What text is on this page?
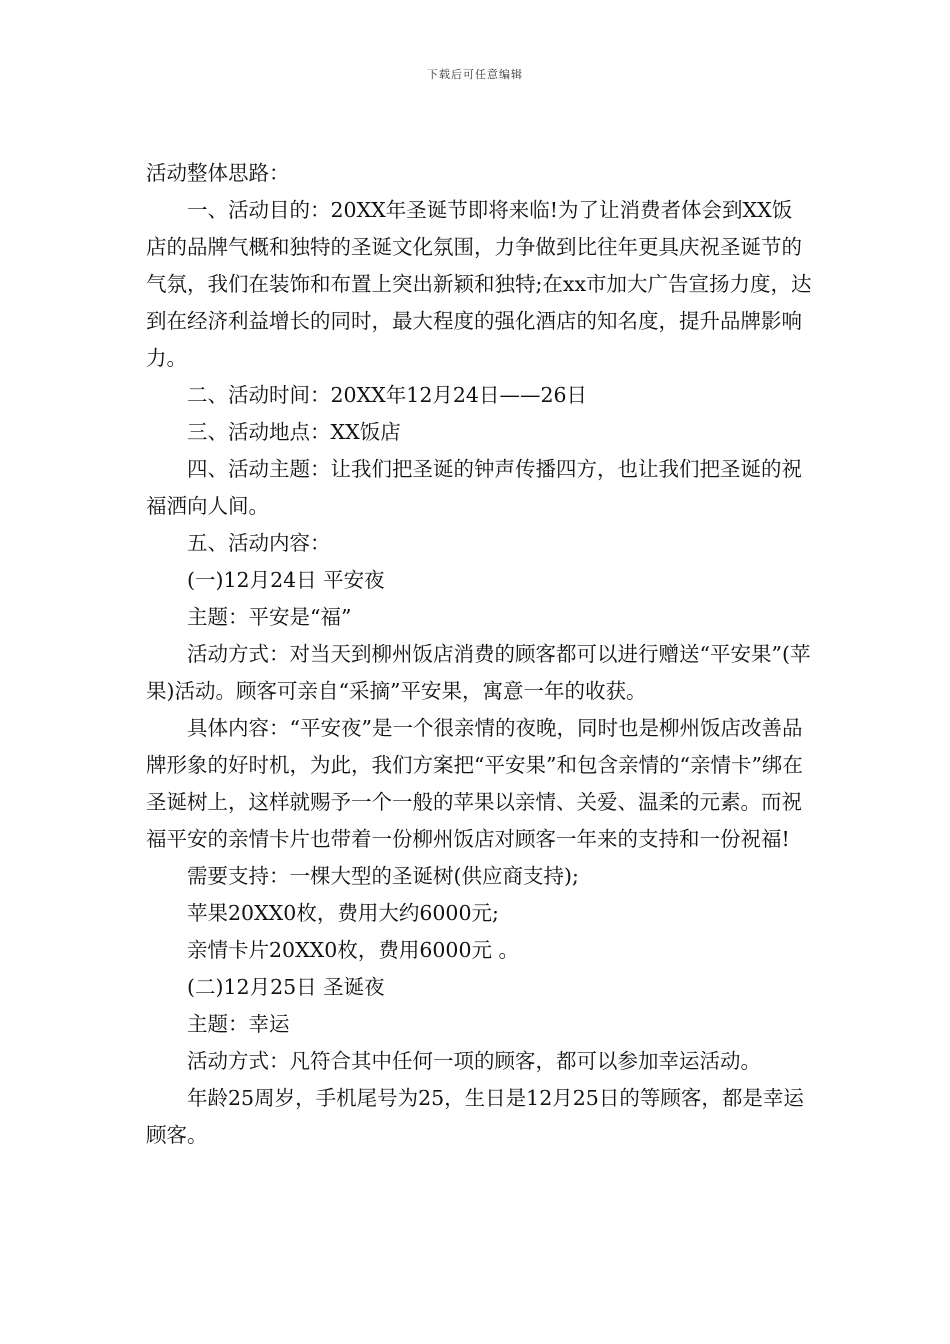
下载后可任意编辑

活动整体思路：

一、活动目的：20XX年圣诞节即将来临!为了让消费者体会到XX饭店的品牌气概和独特的圣诞文化氛围，力争做到比往年更具庆祝圣诞节的气氛，我们在装饰和布置上突出新颖和独特;在xx市加大广告宣扬力度，达到在经济利益增长的同时，最大程度的强化酒店的知名度，提升品牌影响力。

二、活动时间：20XX年12月24日——26日

三、活动地点：XX饭店

四、活动主题：让我们把圣诞的钟声传播四方，也让我们把圣诞的祝福洒向人间。

五、活动内容：

(一)12月24日 平安夜

主题：平安是“福”

活动方式：对当天到柳州饭店消费的顾客都可以进行赠送“平安果”(苹果)活动。顾客可亲自“采摘”平安果，寓意一年的收获。

具体内容：“平安夜”是一个很亲情的夜晚，同时也是柳州饭店改善品牌形象的好时机，为此，我们方案把“平安果”和包含亲情的“亲情卡”绑在圣诞树上，这样就赐予一个一般的苹果以亲情、关爱、温柔的元素。而祝福平安的亲情卡片也带着一份柳州饭店对顾客一年来的支持和一份祝福!

需要支持：一棵大型的圣诞树(供应商支持);

苹果20XX0枚，费用大约6000元;

亲情卡片20XX0枚，费用6000元 。

(二)12月25日 圣诞夜

主题：幸运

活动方式：凡符合其中任何一项的顾客，都可以参加幸运活动。

年龄25周岁，手机尾号为25，生日是12月25日的等顾客，都是幸运顾客。
